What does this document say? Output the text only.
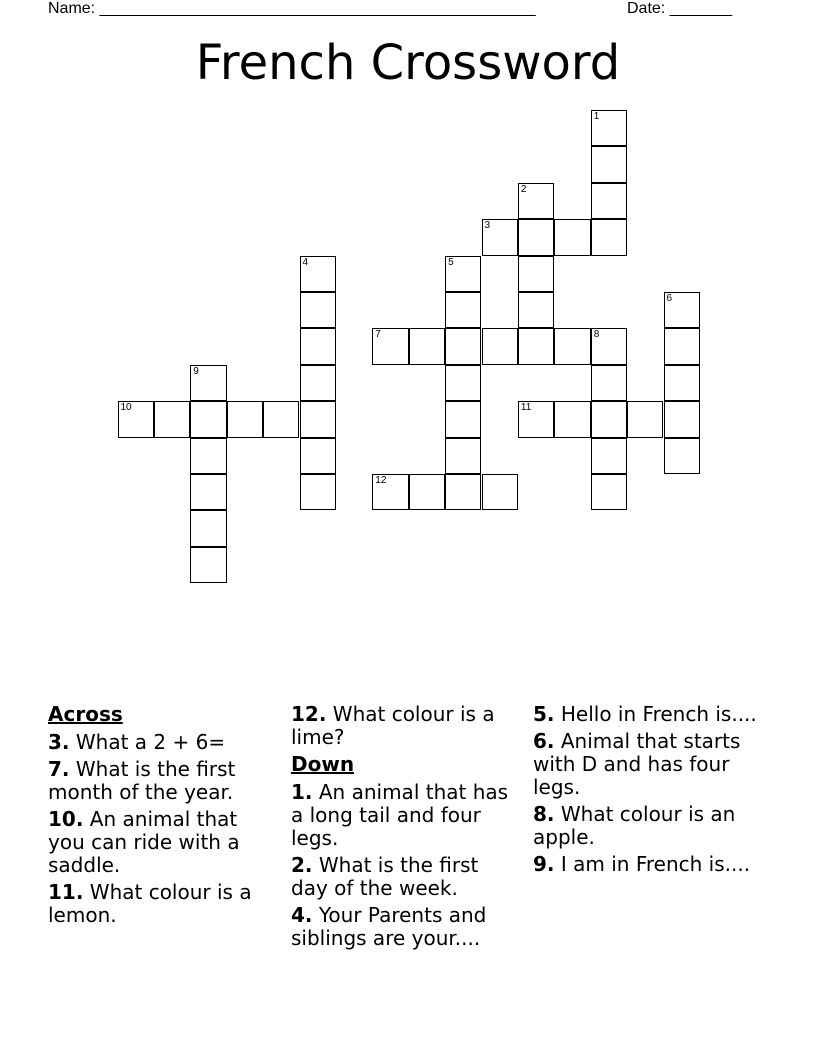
Name: _________________________________________________	Date: _______
French Crossword
1
2
3
4	5
6
7	8
9
10	11
12
Across
3. What a 2 + 6=
7. What is the first month of the year.
10. An animal that you can ride with a saddle.
11. What colour is a lemon.
12. What colour is a lime?
Down
1. An animal that has a long tail and four legs.
2. What is the first day of the week.
4. Your Parents and siblings are your....
5. Hello in French is....
6. Animal that starts with D and has four legs.
8. What colour is an apple.
9. I am in French is....
